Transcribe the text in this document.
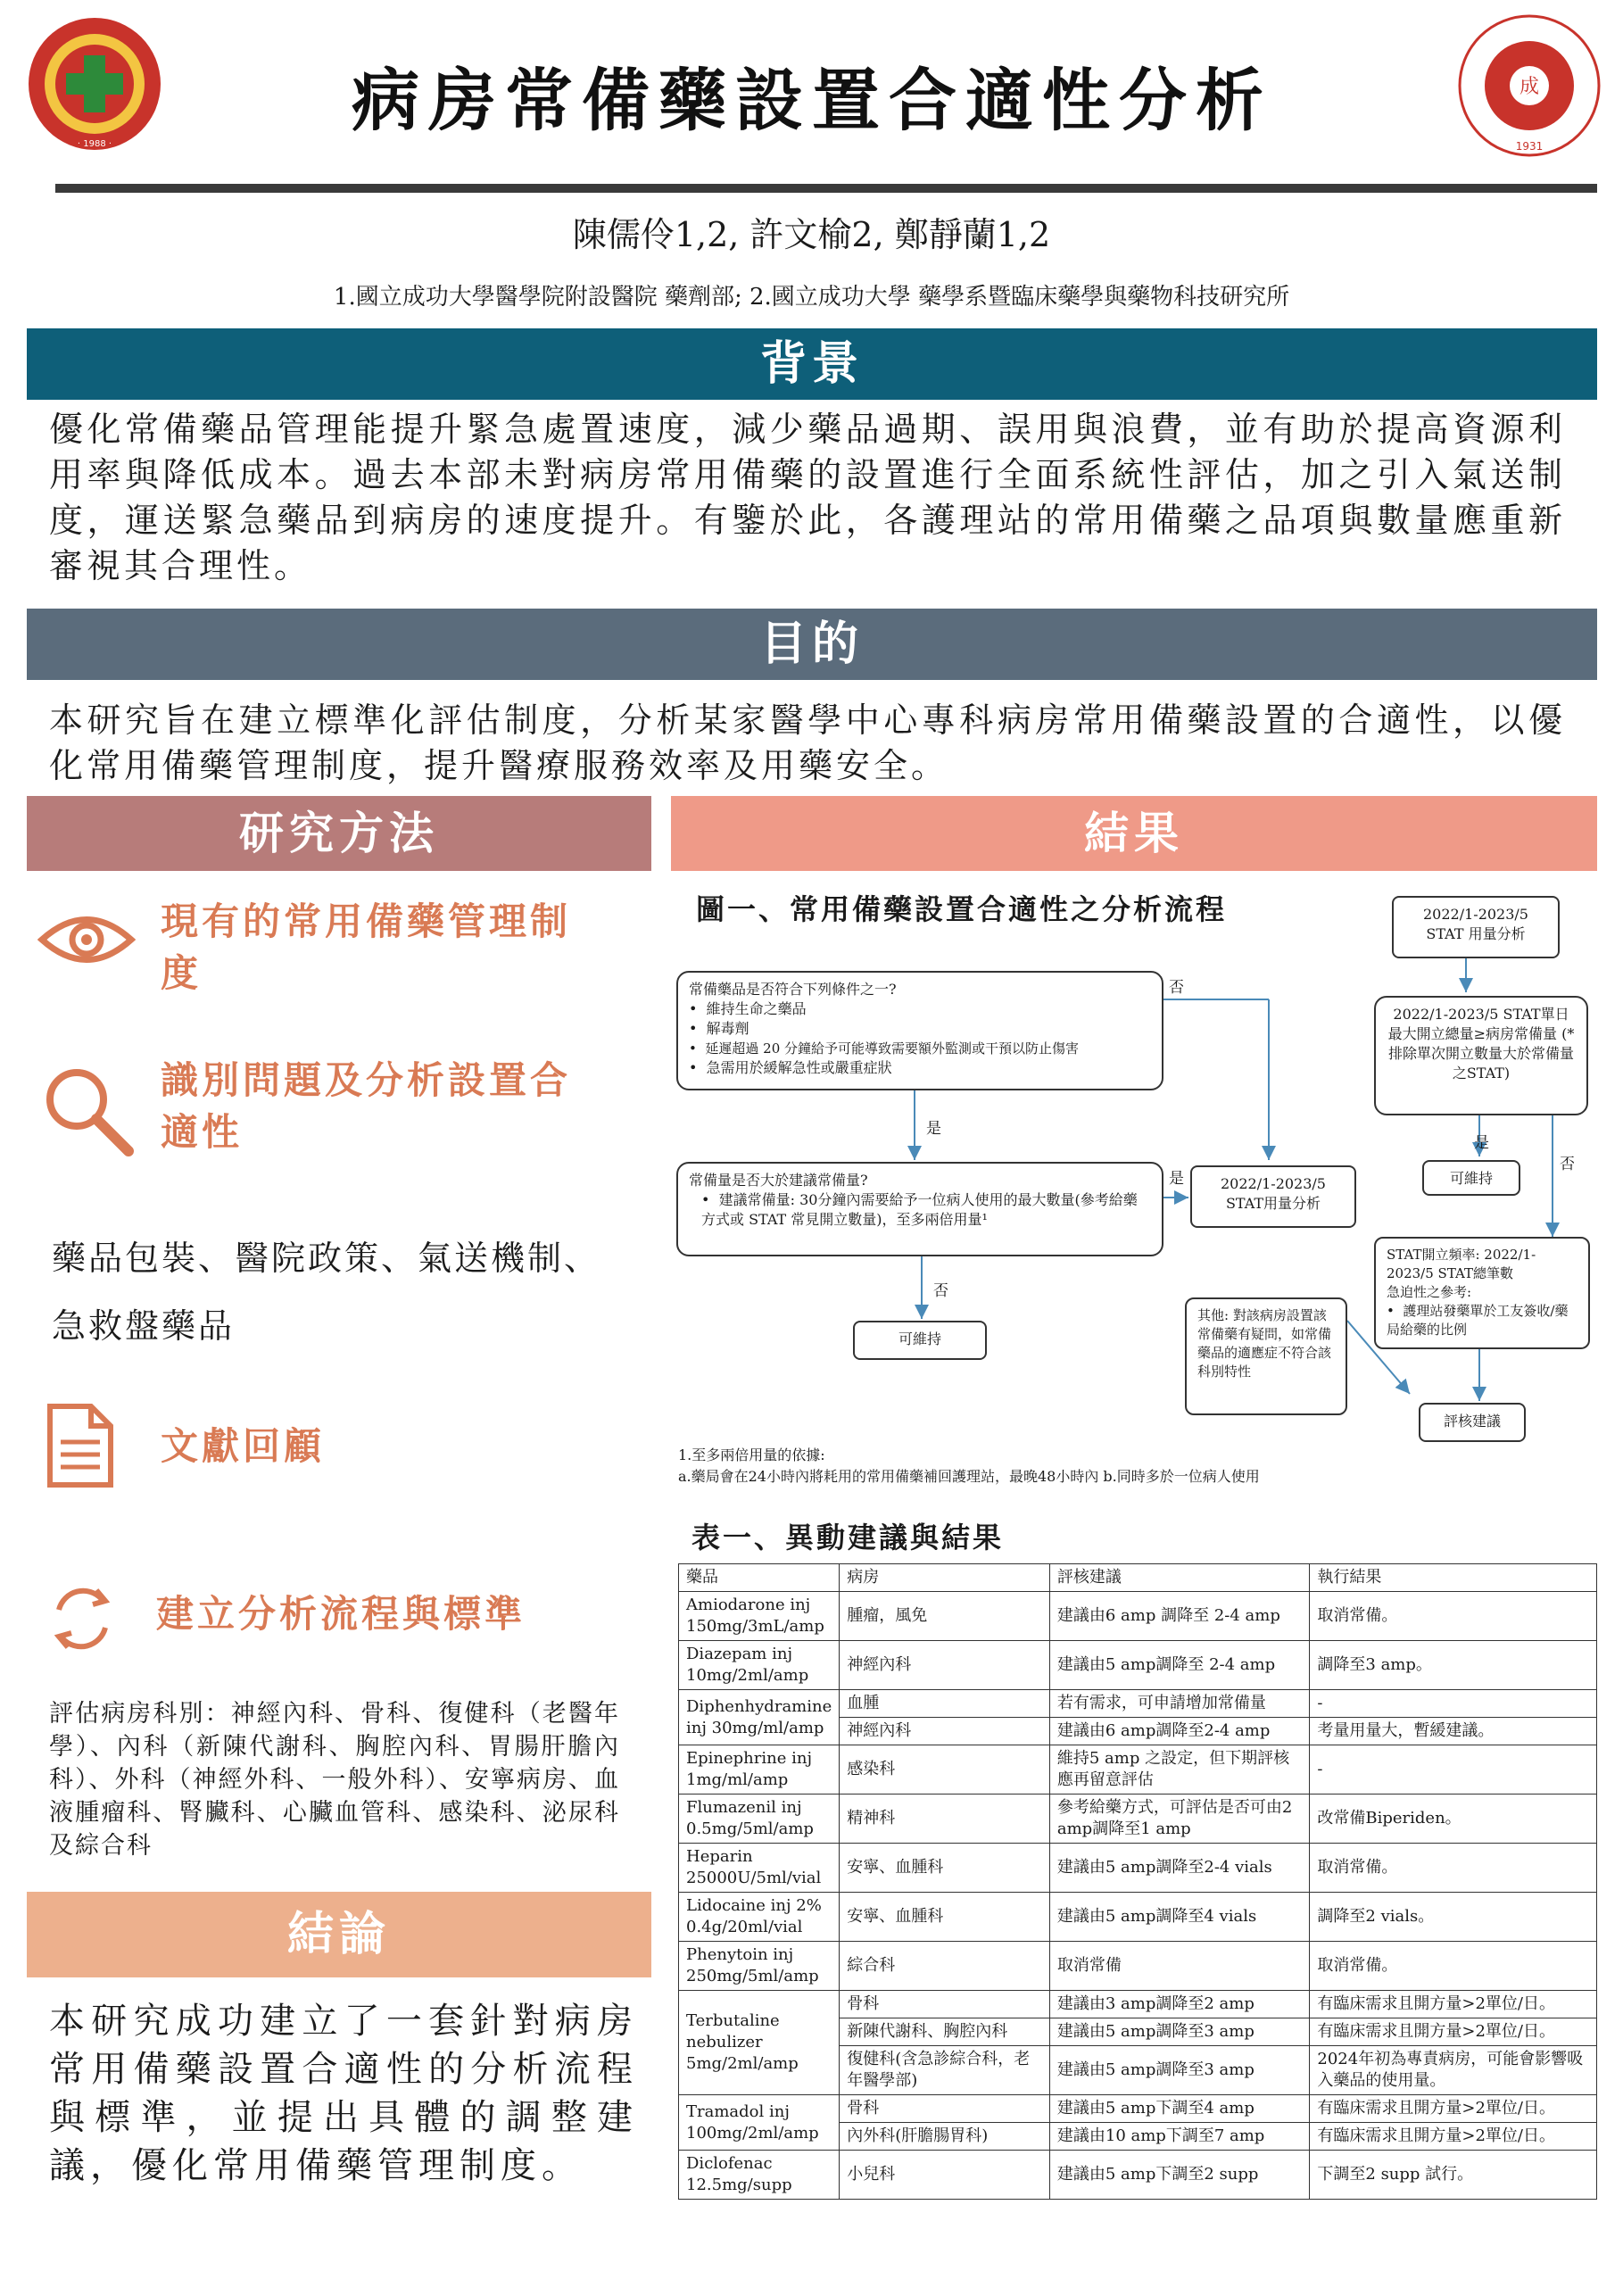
· 1988 ·
成
1931
病房常備藥設置合適性分析
陳儒伶1,2, 許文榆2, 鄭靜蘭1,2
1.國立成功大學醫學院附設醫院 藥劑部; 2.國立成功大學 藥學系暨臨床藥學與藥物科技研究所
背景
優化常備藥品管理能提升緊急處置速度，減少藥品過期、誤用與浪費，並有助於提高資源利用率與降低成本。過去本部未對病房常用備藥的設置進行全面系統性評估，加之引入氣送制度，運送緊急藥品到病房的速度提升。有鑒於此，各護理站的常用備藥之品項與數量應重新審視其合理性。
目的
本研究旨在建立標準化評估制度，分析某家醫學中心專科病房常用備藥設置的合適性，以優化常用備藥管理制度，提升醫療服務效率及用藥安全。
研究方法
現有的常用備藥管理制度
識別問題及分析設置合適性
藥品包裝、醫院政策、氣送機制、急救盤藥品
文獻回顧
建立分析流程與標準
評估病房科別：神經內科、骨科、復健科（老醫年學）、內科（新陳代謝科、胸腔內科、胃腸肝膽內科）、外科（神經外科、一般外科）、安寧病房、血液腫瘤科、腎臟科、心臟血管科、感染科、泌尿科及綜合科
結論
本研究成功建立了一套針對病房常用備藥設置合適性的分析流程與標準，並提出具體的調整建議，優化常用備藥管理制度。
結果
圖一、常用備藥設置合適性之分析流程
常備藥品是否符合下列條件之一?
•  維持生命之藥品
•  解毒劑
•  延遲超過 20 分鐘給予可能導致需要額外監測或干預以防止傷害
•  急需用於緩解急性或嚴重症狀
是
否
常備量是否大於建議常備量?
•  建議常備量: 30分鐘內需要給予一位病人使用的最大數量(參考給藥方式或 STAT 常見開立數量)，至多兩倍用量¹
是
否
可維持
2022/1-2023/5 STAT用量分析
其他: 對該病房設置該常備藥有疑問，如常備藥品的適應症不符合該科別特性
2022/1-2023/5 STAT 用量分析
2022/1-2023/5 STAT單日最大開立總量≥病房常備量 (*排除單次開立數量大於常備量之STAT)
是
否
可維持
STAT開立頻率: 2022/1-2023/5 STAT總筆數
急迫性之參考:
•  護理站發藥單於工友簽收/藥局給藥的比例
評核建議
1.至多兩倍用量的依據:
a.藥局會在24小時內將耗用的常用備藥補回護理站，最晚48小時內 b.同時多於一位病人使用
表一、異動建議與結果
藥品	病房	評核建議	執行結果
Amiodarone inj 150mg/3mL/amp	腫瘤，風免	建議由6 amp 調降至 2-4 amp	取消常備。
Diazepam inj 10mg/2ml/amp	神經內科	建議由5 amp調降至 2-4 amp	調降至3 amp。
Diphenhydramine inj 30mg/ml/amp	血腫	若有需求，可申請增加常備量	-
	神經內科	建議由6 amp調降至2-4 amp	考量用量大，暫緩建議。
Epinephrine inj 1mg/ml/amp	感染科	維持5 amp 之設定，但下期評核應再留意評估	-
Flumazenil inj 0.5mg/5ml/amp	精神科	參考給藥方式，可評估是否可由2 amp調降至1 amp	改常備Biperiden。
Heparin 25000U/5ml/vial	安寧、血腫科	建議由5 amp調降至2-4 vials	取消常備。
Lidocaine inj 2% 0.4g/20ml/vial	安寧、血腫科	建議由5 amp調降至4 vials	調降至2 vials。
Phenytoin inj 250mg/5ml/amp	綜合科	取消常備	取消常備。
Terbutaline nebulizer 5mg/2ml/amp	骨科	建議由3 amp調降至2 amp	有臨床需求且開方量>2單位/日。
	新陳代謝科、胸腔內科	建議由5 amp調降至3 amp	有臨床需求且開方量>2單位/日。
	復健科(含急診綜合科，老年醫學部)	建議由5 amp調降至3 amp	2024年初為專責病房，可能會影響吸入藥品的使用量。
Tramadol inj 100mg/2ml/amp	骨科	建議由5 amp下調至4 amp	有臨床需求且開方量>2單位/日。
	內外科(肝膽腸胃科)	建議由10 amp下調至7 amp	有臨床需求且開方量>2單位/日。
Diclofenac 12.5mg/supp	小兒科	建議由5 amp下調至2 supp	下調至2 supp 試行。
